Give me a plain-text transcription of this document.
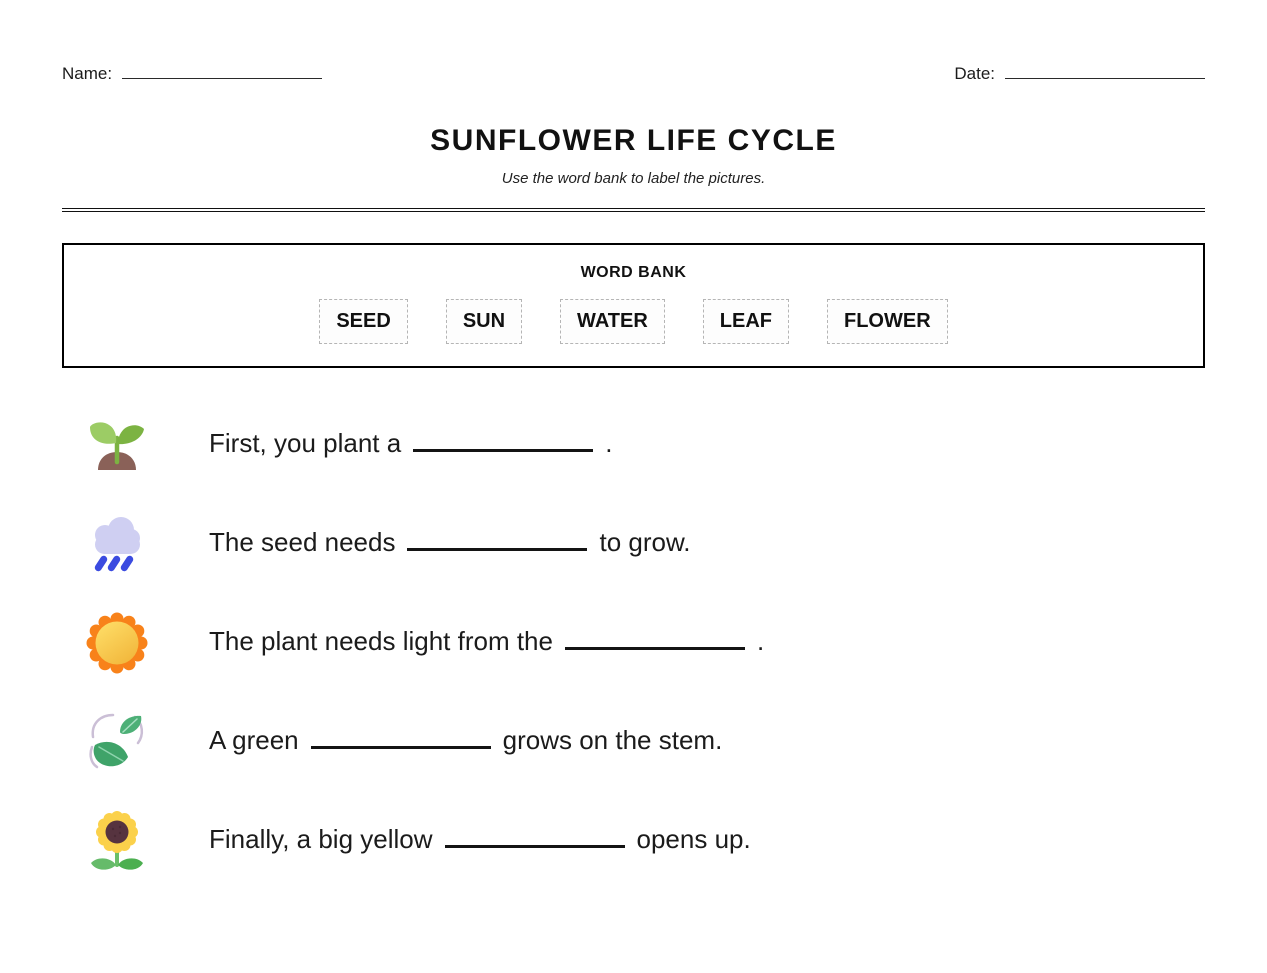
Name:	Date:
SUNFLOWER LIFE CYCLE
Use the word bank to label the pictures.
WORD BANK
SEED	SUN	WATER	LEAF	FLOWER
First, you plant a	.
The seed needs	to grow.
The plant needs light from the	.
A green	grows on the stem.
Finally, a big yellow	opens up.
